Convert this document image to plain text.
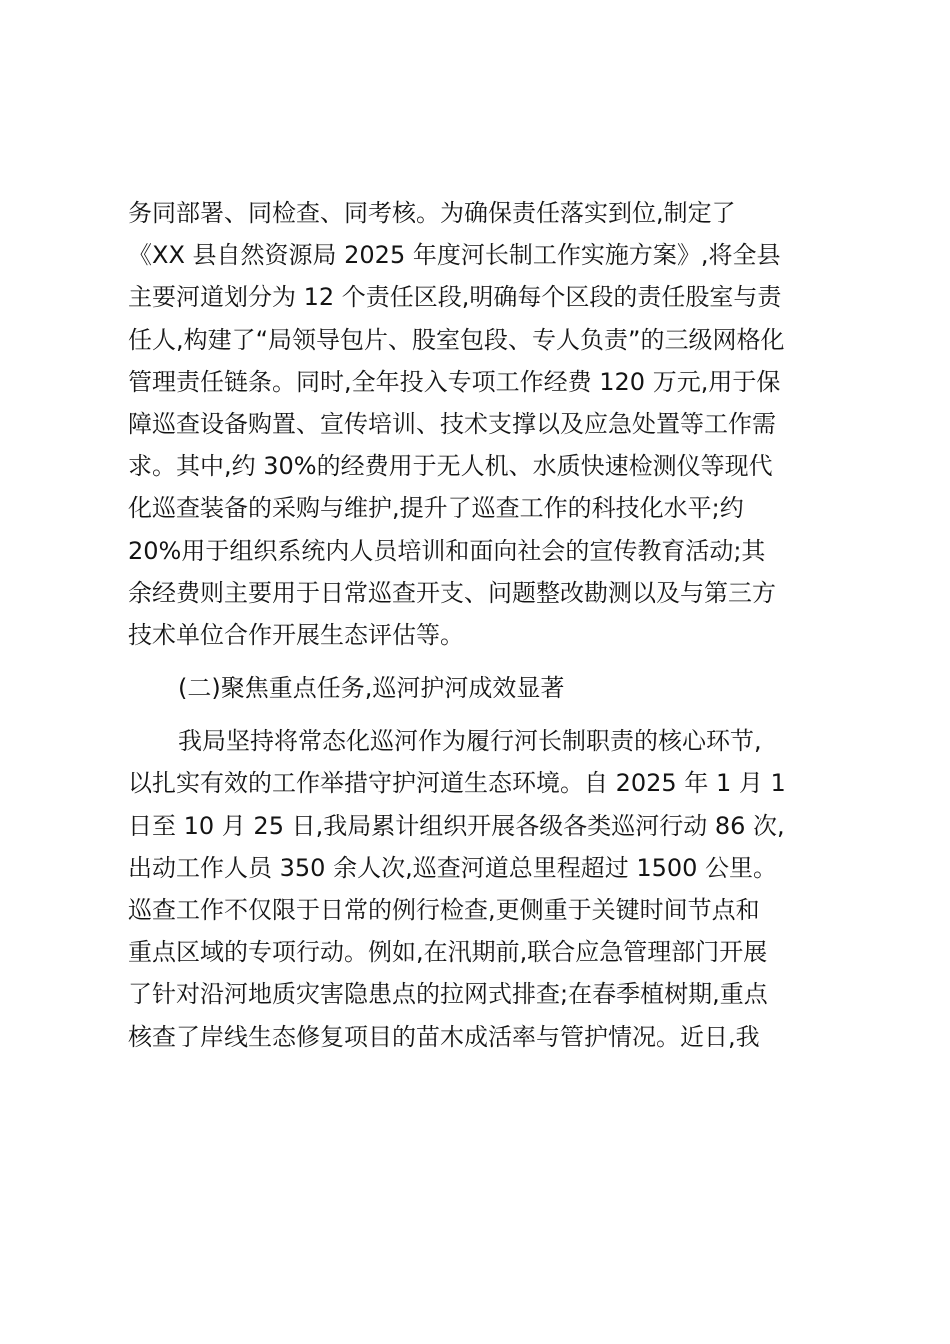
务同部署、同检查、同考核。为确保责任落实到位,制定了
《XX 县自然资源局 2025 年度河长制工作实施方案》,将全县
主要河道划分为 12 个责任区段,明确每个区段的责任股室与责
任人,构建了“局领导包片、股室包段、专人负责”的三级网格化
管理责任链条。同时,全年投入专项工作经费 120 万元,用于保
障巡查设备购置、宣传培训、技术支撑以及应急处置等工作需
求。其中,约 30%的经费用于无人机、水质快速检测仪等现代
化巡查装备的采购与维护,提升了巡查工作的科技化水平;约
20%用于组织系统内人员培训和面向社会的宣传教育活动;其
余经费则主要用于日常巡查开支、问题整改勘测以及与第三方
技术单位合作开展生态评估等。
(二)聚焦重点任务,巡河护河成效显著
我局坚持将常态化巡河作为履行河长制职责的核心环节,
以扎实有效的工作举措守护河道生态环境。自 2025 年 1 月 1
日至 10 月 25 日,我局累计组织开展各级各类巡河行动 86 次,
出动工作人员 350 余人次,巡查河道总里程超过 1500 公里。
巡查工作不仅限于日常的例行检查,更侧重于关键时间节点和
重点区域的专项行动。例如,在汛期前,联合应急管理部门开展
了针对沿河地质灾害隐患点的拉网式排查;在春季植树期,重点
核查了岸线生态修复项目的苗木成活率与管护情况。近日,我
